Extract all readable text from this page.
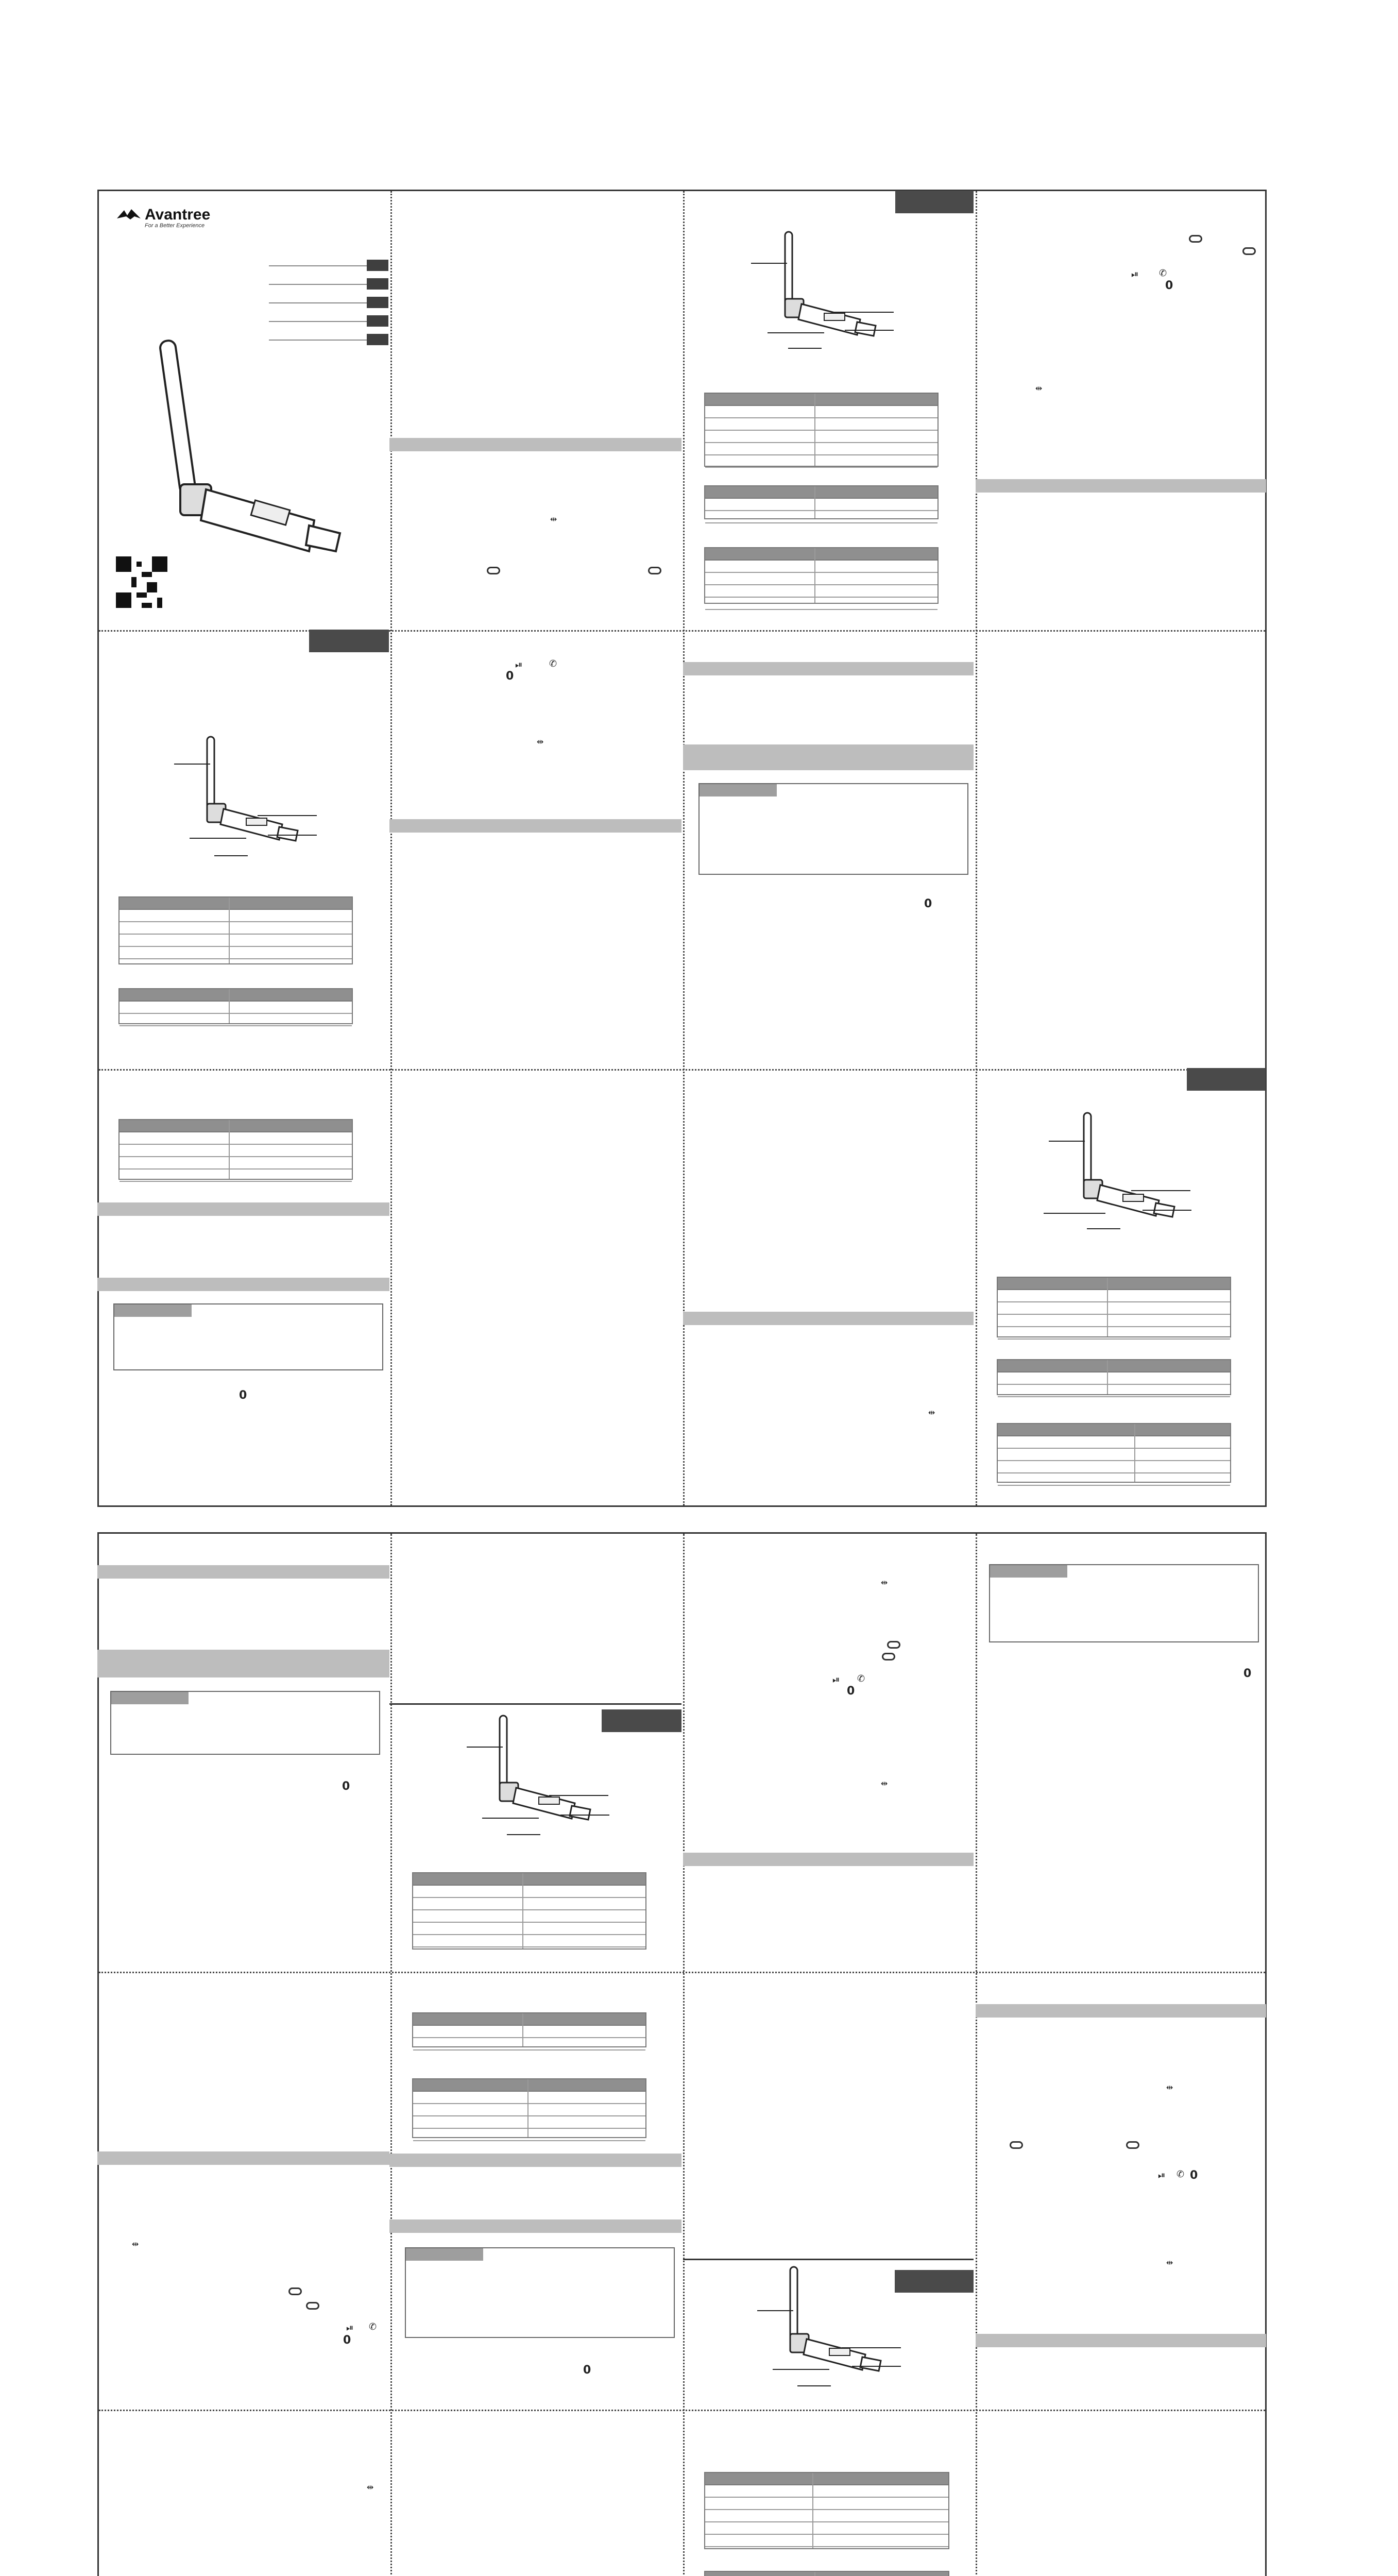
Avantree
For a Better Experience
⇹
⏯ ✆
0
⇹
⏯	✆
0
⇹
0
0
⇹
0
⇹
⏯ ✆
0
⇹
0
⇹
⏯ ✆
0
0
⇹
⏯ ✆ 0
⇹
⇹
